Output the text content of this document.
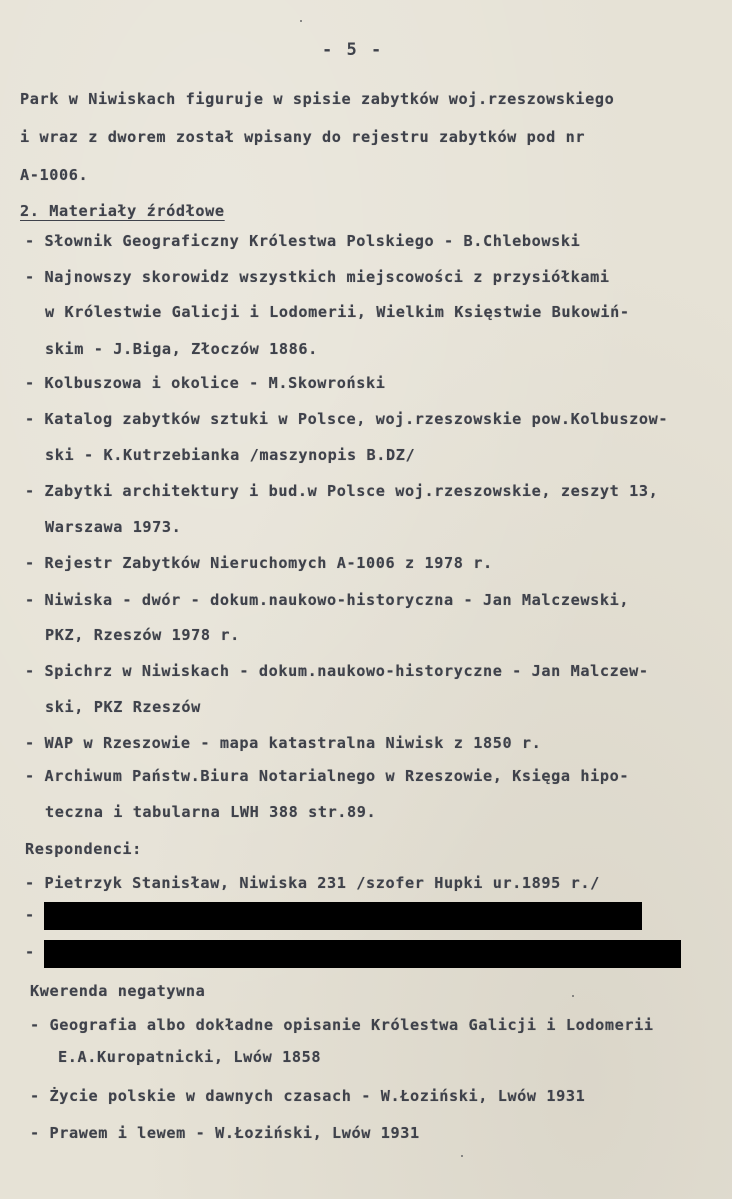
- 5 -
Park w Niwiskach figuruje w spisie zabytków woj.rzeszowskiego
i wraz z dworem został wpisany do rejestru zabytków pod nr
A-1006.
2. Materiały źródłowe
- Słownik Geograficzny Królestwa Polskiego - B.Chlebowski
- Najnowszy skorowidz wszystkich miejscowości z przysiółkami
w Królestwie Galicji i Lodomerii, Wielkim Księstwie Bukowiń-
skim - J.Biga, Złoczów 1886.
- Kolbuszowa i okolice - M.Skowroński
- Katalog zabytków sztuki w Polsce, woj.rzeszowskie pow.Kolbuszow-
ski - K.Kutrzebianka /maszynopis B.DZ/
- Zabytki architektury i bud.w Polsce woj.rzeszowskie, zeszyt 13,
Warszawa 1973.
- Rejestr Zabytków Nieruchomych A-1006 z 1978 r.
- Niwiska - dwór - dokum.naukowo-historyczna - Jan Malczewski,
PKZ, Rzeszów 1978 r.
- Spichrz w Niwiskach - dokum.naukowo-historyczne - Jan Malczew-
ski, PKZ Rzeszów
- WAP w Rzeszowie - mapa katastralna Niwisk z 1850 r.
- Archiwum Państw.Biura Notarialnego w Rzeszowie, Księga hipo-
teczna i tabularna LWH 388 str.89.
Respondenci:
- Pietrzyk Stanisław, Niwiska 231 /szofer Hupki ur.1895 r./
-
-
Kwerenda negatywna
- Geografia albo dokładne opisanie Królestwa Galicji i Lodomerii
E.A.Kuropatnicki, Lwów 1858
- Życie polskie w dawnych czasach - W.Łoziński, Lwów 1931
- Prawem i lewem - W.Łoziński, Lwów 1931
